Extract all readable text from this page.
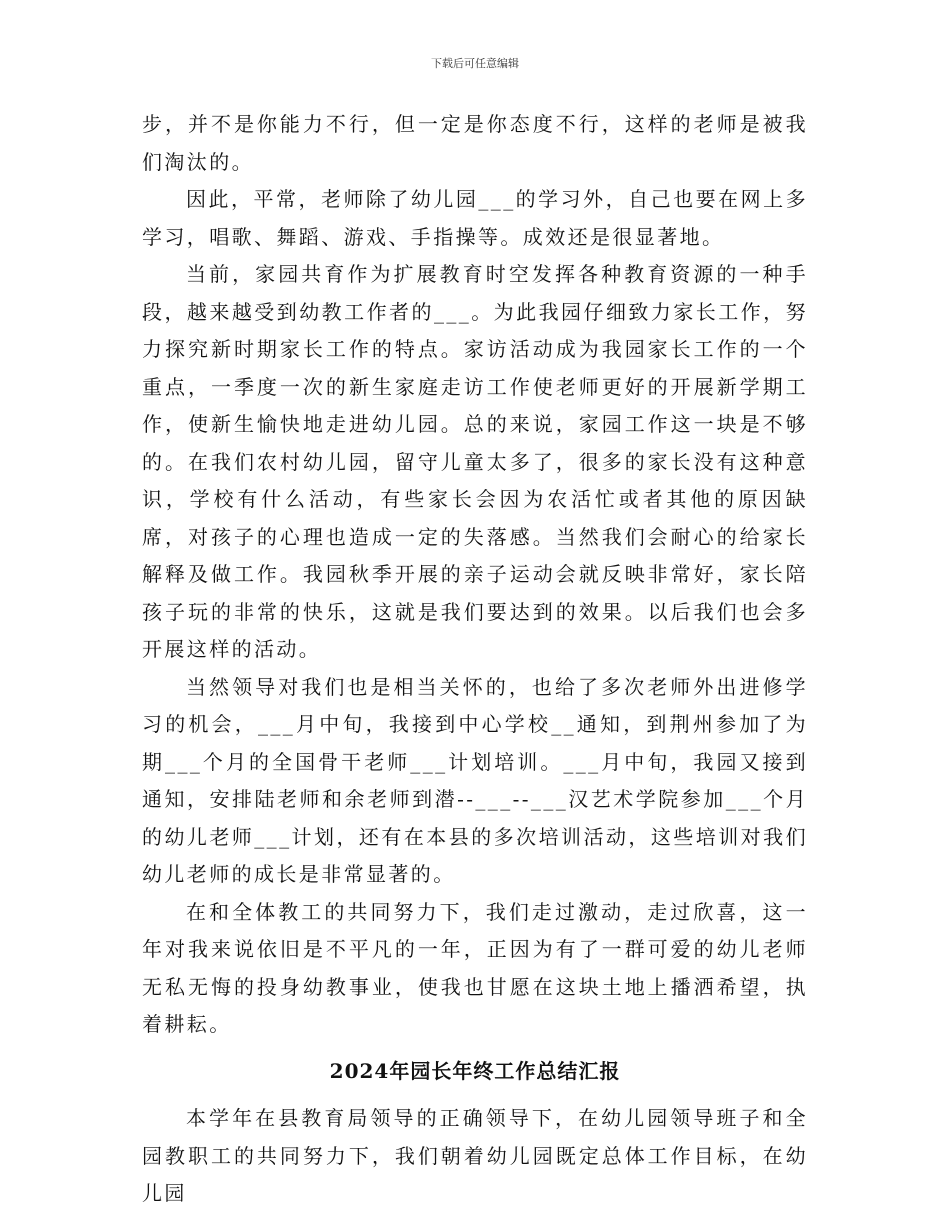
下载后可任意编辑

步，并不是你能力不行，但一定是你态度不行，这样的老师是被我们淘汰的。

因此，平常，老师除了幼儿园___的学习外，自己也要在网上多学习，唱歌、舞蹈、游戏、手指操等。成效还是很显著地。

当前，家园共育作为扩展教育时空发挥各种教育资源的一种手段，越来越受到幼教工作者的___。为此我园仔细致力家长工作，努力探究新时期家长工作的特点。家访活动成为我园家长工作的一个重点，一季度一次的新生家庭走访工作使老师更好的开展新学期工作，使新生愉快地走进幼儿园。总的来说，家园工作这一块是不够的。在我们农村幼儿园，留守儿童太多了，很多的家长没有这种意识，学校有什么活动，有些家长会因为农活忙或者其他的原因缺席，对孩子的心理也造成一定的失落感。当然我们会耐心的给家长解释及做工作。我园秋季开展的亲子运动会就反映非常好，家长陪孩子玩的非常的快乐，这就是我们要达到的效果。以后我们也会多开展这样的活动。

当然领导对我们也是相当关怀的，也给了多次老师外出进修学习的机会，___月中旬，我接到中心学校__通知，到荆州参加了为期___个月的全国骨干老师___计划培训。___月中旬，我园又接到通知，安排陆老师和余老师到潜--___--___汉艺术学院参加___个月的幼儿老师___计划，还有在本县的多次培训活动，这些培训对我们幼儿老师的成长是非常显著的。

在和全体教工的共同努力下，我们走过激动，走过欣喜，这一年对我来说依旧是不平凡的一年，正因为有了一群可爱的幼儿老师无私无悔的投身幼教事业，使我也甘愿在这块土地上播洒希望，执着耕耘。

2024年园长年终工作总结汇报

本学年在县教育局领导的正确领导下，在幼儿园领导班子和全园教职工的共同努力下，我们朝着幼儿园既定总体工作目标，在幼儿园
